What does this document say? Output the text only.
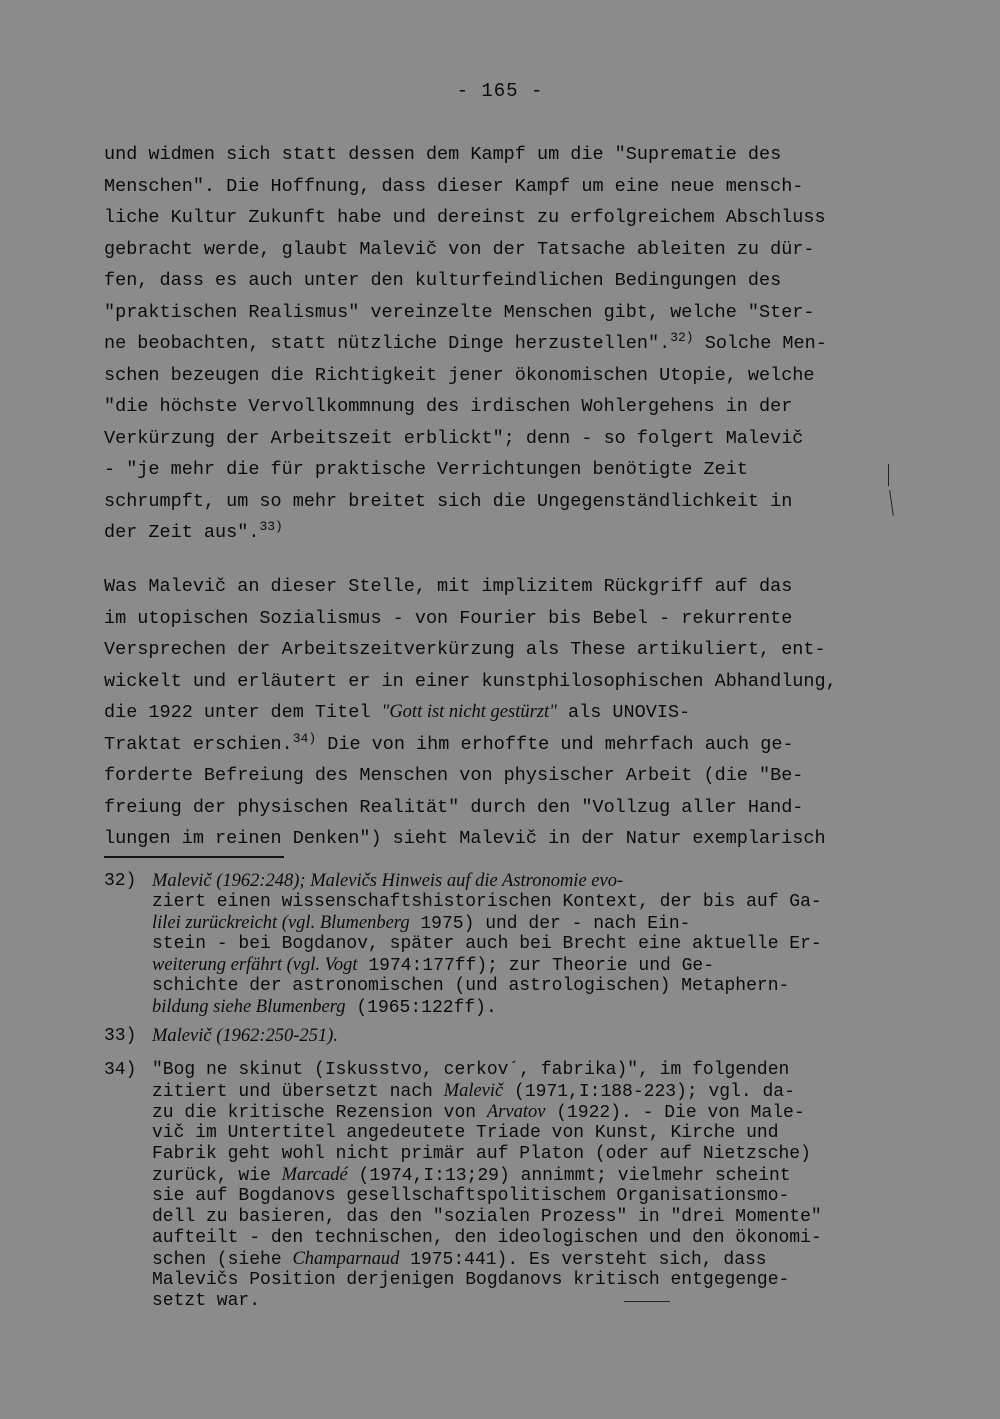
- 165 -
und widmen sich statt dessen dem Kampf um die "Suprematie des
Menschen". Die Hoffnung, dass dieser Kampf um eine neue mensch-
liche Kultur Zukunft habe und dereinst zu erfolgreichem Abschluss
gebracht werde, glaubt Malevič von der Tatsache ableiten zu dür-
fen, dass es auch unter den kulturfeindlichen Bedingungen des
"praktischen Realismus" vereinzelte Menschen gibt, welche "Ster-
ne beobachten, statt nützliche Dinge herzustellen".$^{32)}$ Solche Men-
schen bezeugen die Richtigkeit jener ökonomischen Utopie, welche
"die höchste Vervollkommnung des irdischen Wohlergehens in der
Verkürzung der Arbeitszeit erblickt"; denn - so folgert Malevič
- "je mehr die für praktische Verrichtungen benötigte Zeit
schrumpft, um so mehr breitet sich die Ungegenständlichkeit in
der Zeit aus".$^{33)}$
Was Malevič an dieser Stelle, mit implizitem Rückgriff auf das
im utopischen Sozialismus - von Fourier bis Bebel - rekurrente
Versprechen der Arbeitszeitverkürzung als These artikuliert, ent-
wickelt und erläutert er in einer kunstphilosophischen Abhandlung,
die 1922 unter dem Titel "Gott ist nicht gestürzt" als UNOVIS-
Traktat erschien.$^{34)}$ Die von ihm erhoffte und mehrfach auch ge-
forderte Befreiung des Menschen von physischer Arbeit (die "Be-
freiung der physischen Realität" durch den "Vollzug aller Hand-
lungen im reinen Denken") sieht Malevič in der Natur exemplarisch
32) Malevič (1962:248); Malevičs Hinweis auf die Astronomie evo-
ziert einen wissenschaftshistorischen Kontext, der bis auf Ga-
lilei zurückreicht (vgl. Blumenberg 1975) und der - nach Ein-
stein - bei Bogdanov, später auch bei Brecht eine aktuelle Er-
weiterung erfährt (vgl. Vogt 1974:177ff); zur Theorie und Ge-
schichte der astronomischen (und astrologischen) Metaphern-
bildung siehe Blumenberg (1965:122ff).
33) Malevič (1962:250-251).
34) "Bog ne skinut (Iskusstvo, cerkov´, fabrika)", im folgenden
zitiert und übersetzt nach Malevič (1971,I:188-223); vgl. da-
zu die kritische Rezension von Arvatov (1922). - Die von Male-
vič im Untertitel angedeutete Triade von Kunst, Kirche und
Fabrik geht wohl nicht primär auf Platon (oder auf Nietzsche)
zurück, wie Marcadé (1974,I:13;29) annimmt; vielmehr scheint
sie auf Bogdanovs gesellschaftspolitischem Organisationsmo-
dell zu basieren, das den "sozialen Prozess" in "drei Momente"
aufteilt - den technischen, den ideologischen und den ökonomi-
schen (siehe Champarnaud 1975:441). Es versteht sich, dass
Malevičs Position derjenigen Bogdanovs kritisch entgegenge-
setzt war.
